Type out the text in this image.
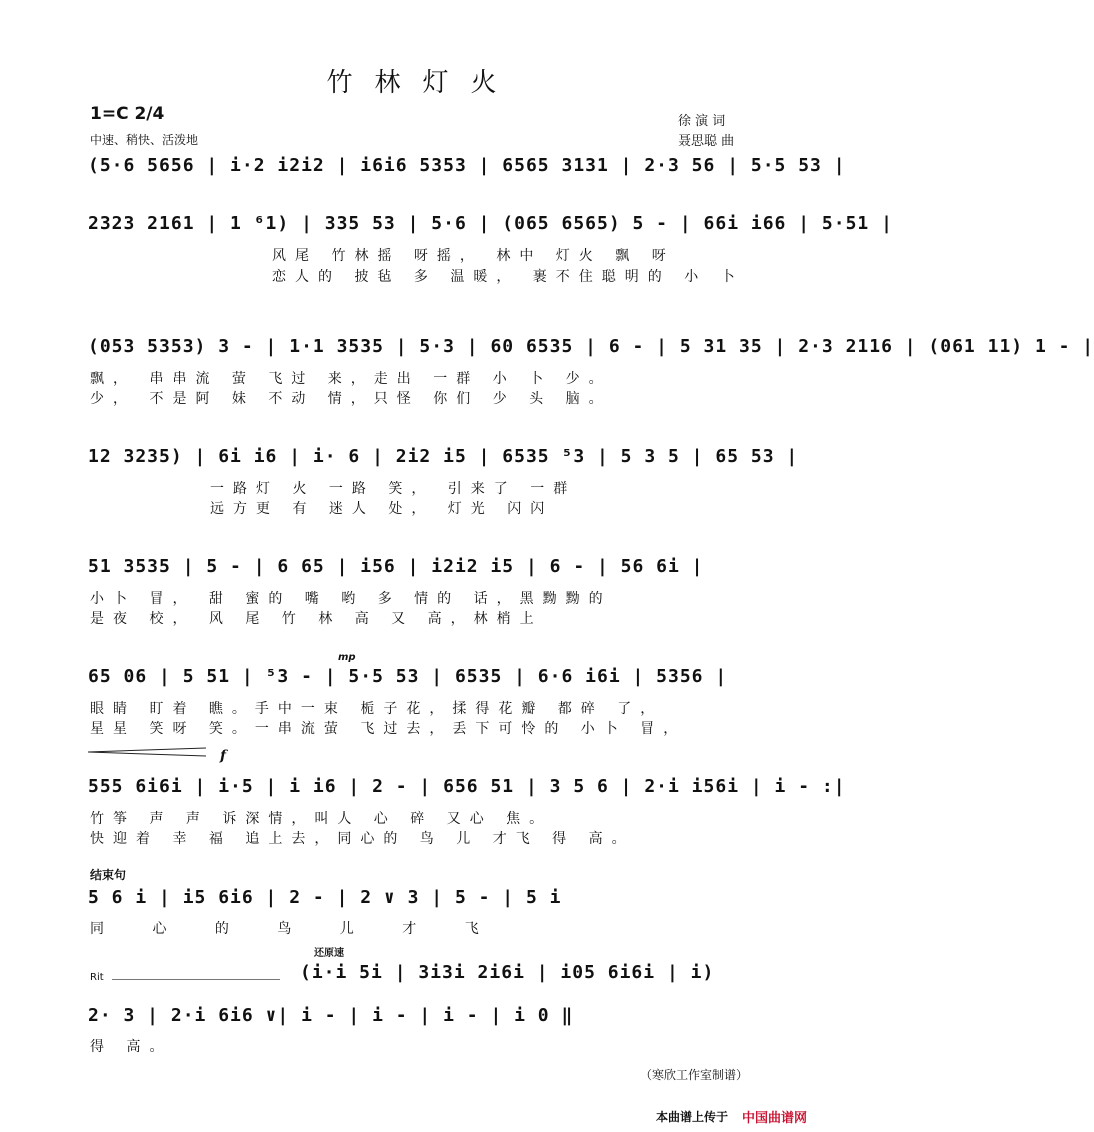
竹林灯火
1=C 2/4
中速、稍快、活泼地
徐 演 词
聂思聪 曲
(5·6 5656 | i·2 i2i2 | i6i6 5353 | 6565 3131 | 2·3 56 | 5·5 53 |
2323 2161 | 1 ⁶1) | 335 53 | 5·6 | (065 6565) 5 - | 66i i66 | 5·51 |
风尾 竹林摇 呀摇， 林中 灯火 飘 呀
恋人的 披毡 多 温暖， 裹不住聪明的 小 卜
(053 5353) 3 - | 1·1 3535 | 5·3 | 60 6535 | 6 - | 5 31 35 | 2·3 2116 | (061 11) 1 - |
飘， 串串流 萤 飞过 来，走出 一群 小 卜 少。
少， 不是阿 妹 不动 情，只怪 你们 少 头 脑。
12 3235) | 6i i6 | i· 6 | 2i2 i5 | 6535 ⁵3 | 5 3 5 | 65 53 |
一路灯 火 一路 笑， 引来了 一群
远方更 有 迷人 处， 灯光 闪闪
51 3535 | 5 - | 6 65 | i56 | i2i2 i5 | 6 - | 56 6i |
小卜 冒， 甜 蜜的 嘴 哟 多 情的 话，黑黝黝的
是夜 校， 风 尾 竹 林 高 又 高，林梢上
mp
65 06 | 5 51 | ⁵3 - | 5·5 53 | 6535 | 6·6 i6i | 5356 |
眼睛 盯着 瞧。手中一束 栀子花，揉得花瓣 都碎 了，
星星 笑呀 笑。一串流萤 飞过去，丢下可怜的 小卜 冒，
f
555 6i6i | i·5 | i i6 | 2 - | 656 51 | 3 5 6 | 2·i i56i | i - :|
竹筝 声 声 诉深情，叫人 心 碎 又心 焦。
快迎着 幸 福 追上去，同心的 鸟 儿 才飞 得 高。
结束句
5 6 i | i5 6i6 | 2 - | 2 ∨ 3 | 5 - | 5 i
同 心 的 鸟 儿 才 飞
还原速
(i·i 5i | 3i3i 2i6i | i05 6i6i | i)
Rit
2· 3 | 2·i 6i6 ∨| i - | i - | i - | i 0 ‖
得 高。
（寒欣工作室制谱）
本曲谱上传于 中国曲谱网
